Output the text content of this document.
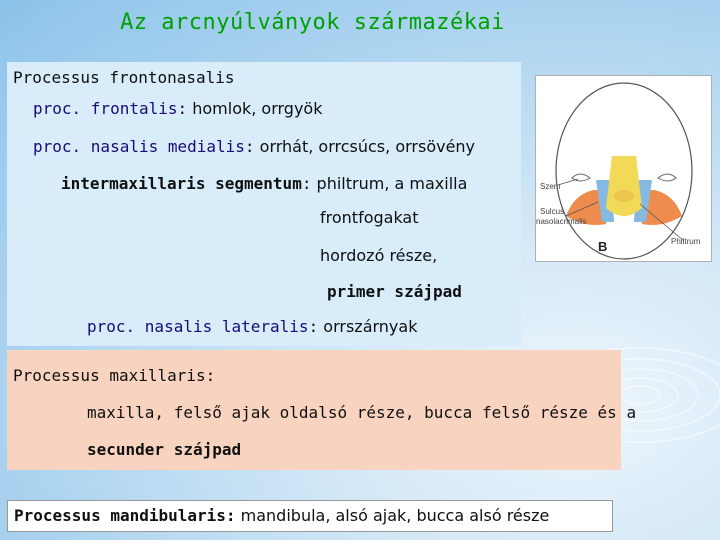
Az arcnyúlványok származékai
Processus frontonasalis
proc. frontalis: homlok, orrgyök
proc. nasalis medialis: orrhát, orrcsúcs, orrsövény
intermaxillaris segmentum: philtrum, a maxilla
frontfogakat
hordozó része,
primer szájpad
proc. nasalis lateralis: orrszárnyak
Processus maxillaris:
maxilla, felső ajak oldalsó része, bucca felső része és a
secunder szájpad
Processus mandibularis: mandibula, alsó ajak, bucca alsó része
Szem
Sulcus
nasolacrimalis
Philtrum
B
